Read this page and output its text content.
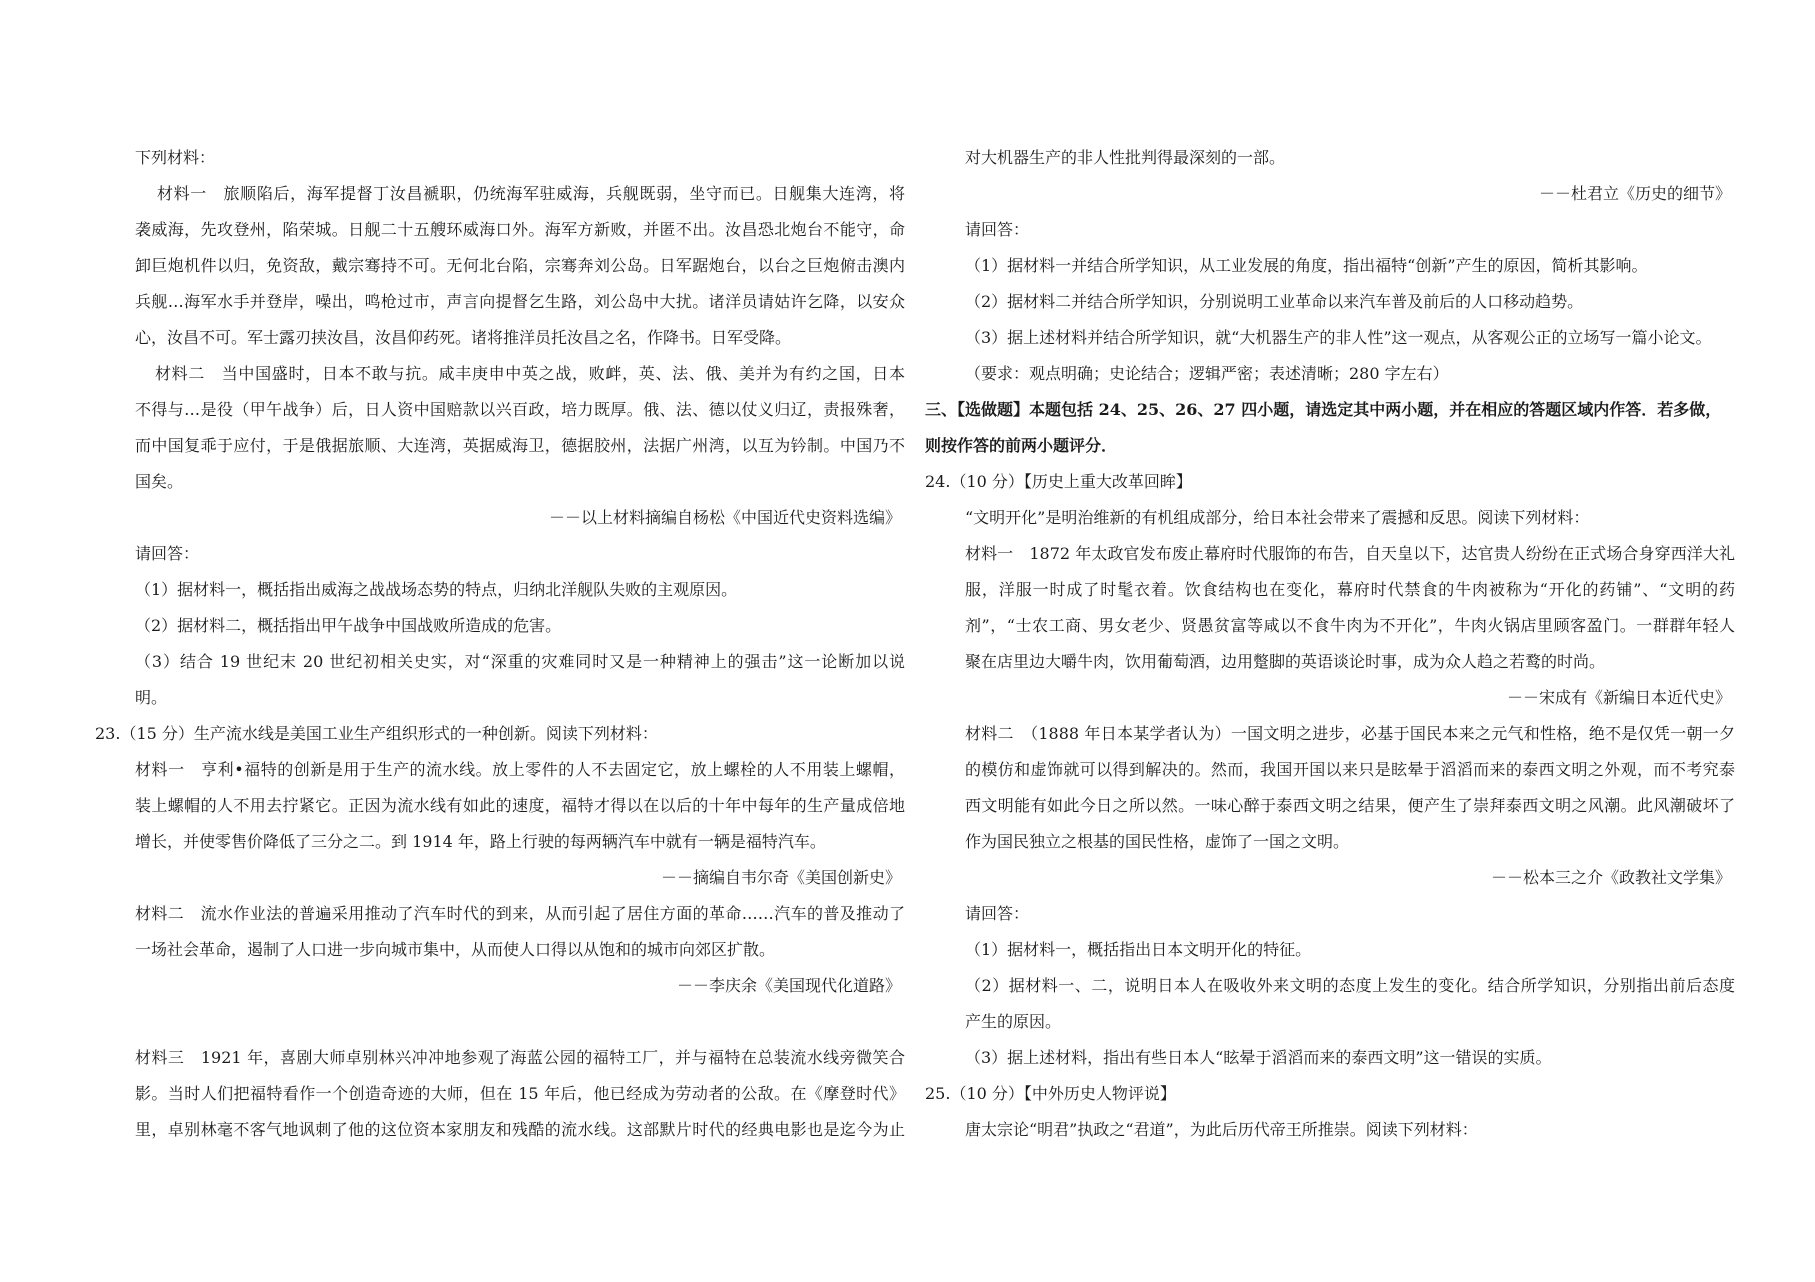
下列材料：
材料一　旅顺陷后，海军提督丁汝昌褫职，仍统海军驻威海，兵舰既弱，坐守而已。日舰集大连湾，将
袭威海，先攻登州，陷荣城。日舰二十五艘环威海口外。海军方新败，并匿不出。汝昌恐北炮台不能守，命
卸巨炮机件以归，免资敌，戴宗骞持不可。无何北台陷，宗骞奔刘公岛。日军踞炮台，以台之巨炮俯击澳内
兵舰…海军水手并登岸，噪出，鸣枪过市，声言向提督乞生路，刘公岛中大扰。诸洋员请姑许乞降，以安众
心，汝昌不可。军士露刃挟汝昌，汝昌仰药死。诸将推洋员托汝昌之名，作降书。日军受降。
材料二　当中国盛时，日本不敢与抗。咸丰庚申中英之战，败衅，英、法、俄、美并为有约之国，日本
不得与…是役（甲午战争）后，日人资中国赔款以兴百政，培力既厚。俄、法、德以仗义归辽，责报殊奢，
而中国复乖于应付，于是俄据旅顺、大连湾，英据威海卫，德据胶州，法据广州湾，以互为钤制。中国乃不
国矣。
－－以上材料摘编自杨松《中国近代史资料选编》
请回答：
（1）据材料一，概括指出威海之战战场态势的特点，归纳北洋舰队失败的主观原因。
（2）据材料二，概括指出甲午战争中国战败所造成的危害。
（3）结合 19 世纪末 20 世纪初相关史实，对“深重的灾难同时又是一种精神上的强击”这一论断加以说
明。
23.（15 分）生产流水线是美国工业生产组织形式的一种创新。阅读下列材料：
材料一　亨利•福特的创新是用于生产的流水线。放上零件的人不去固定它，放上螺栓的人不用装上螺帽，
装上螺帽的人不用去拧紧它。正因为流水线有如此的速度，福特才得以在以后的十年中每年的生产量成倍地
增长，并使零售价降低了三分之二。到 1914 年，路上行驶的每两辆汽车中就有一辆是福特汽车。
－－摘编自韦尔奇《美国创新史》
材料二　流水作业法的普遍采用推动了汽车时代的到来，从而引起了居住方面的革命……汽车的普及推动了
一场社会革命，遏制了人口进一步向城市集中，从而使人口得以从饱和的城市向郊区扩散。
－－李庆余《美国现代化道路》
材料三　1921 年，喜剧大师卓别林兴冲冲地参观了海蓝公园的福特工厂，并与福特在总装流水线旁微笑合
影。当时人们把福特看作一个创造奇迹的大师，但在 15 年后，他已经成为劳动者的公敌。在《摩登时代》
里，卓别林毫不客气地讽刺了他的这位资本家朋友和残酷的流水线。这部默片时代的经典电影也是迄今为止
对大机器生产的非人性批判得最深刻的一部。
－－杜君立《历史的细节》
请回答：
（1）据材料一并结合所学知识，从工业发展的角度，指出福特“创新”产生的原因，简析其影响。
（2）据材料二并结合所学知识，分别说明工业革命以来汽车普及前后的人口移动趋势。
（3）据上述材料并结合所学知识，就“大机器生产的非人性”这一观点，从客观公正的立场写一篇小论文。
（要求：观点明确；史论结合；逻辑严密；表述清晰；280 字左右）
三、【选做题】本题包括 24、25、26、27 四小题，请选定其中两小题，并在相应的答题区域内作答．若多做，
则按作答的前两小题评分．
24.（10 分）【历史上重大改革回眸】
“文明开化”是明治维新的有机组成部分，给日本社会带来了震撼和反思。阅读下列材料：
材料一　1872 年太政官发布废止幕府时代服饰的布告，自天皇以下，达官贵人纷纷在正式场合身穿西洋大礼
服，洋服一时成了时髦衣着。饮食结构也在变化，幕府时代禁食的牛肉被称为“开化的药铺”、“文明的药
剂”，“士农工商、男女老少、贤愚贫富等咸以不食牛肉为不开化”，牛肉火锅店里顾客盈门。一群群年轻人
聚在店里边大嚼牛肉，饮用葡萄酒，边用蹩脚的英语谈论时事，成为众人趋之若鹜的时尚。
－－宋成有《新编日本近代史》
材料二　（1888 年日本某学者认为）一国文明之进步，必基于国民本来之元气和性格，绝不是仅凭一朝一夕
的模仿和虚饰就可以得到解决的。然而，我国开国以来只是眩晕于滔滔而来的泰西文明之外观，而不考究泰
西文明能有如此今日之所以然。一味心醉于泰西文明之结果，便产生了崇拜泰西文明之风潮。此风潮破坏了
作为国民独立之根基的国民性格，虚饰了一国之文明。
－－松本三之介《政教社文学集》
请回答：
（1）据材料一，概括指出日本文明开化的特征。
（2）据材料一、二，说明日本人在吸收外来文明的态度上发生的变化。结合所学知识，分别指出前后态度
产生的原因。
（3）据上述材料，指出有些日本人“眩晕于滔滔而来的泰西文明”这一错误的实质。
25.（10 分）【中外历史人物评说】
唐太宗论“明君”执政之“君道”，为此后历代帝王所推崇。阅读下列材料：
